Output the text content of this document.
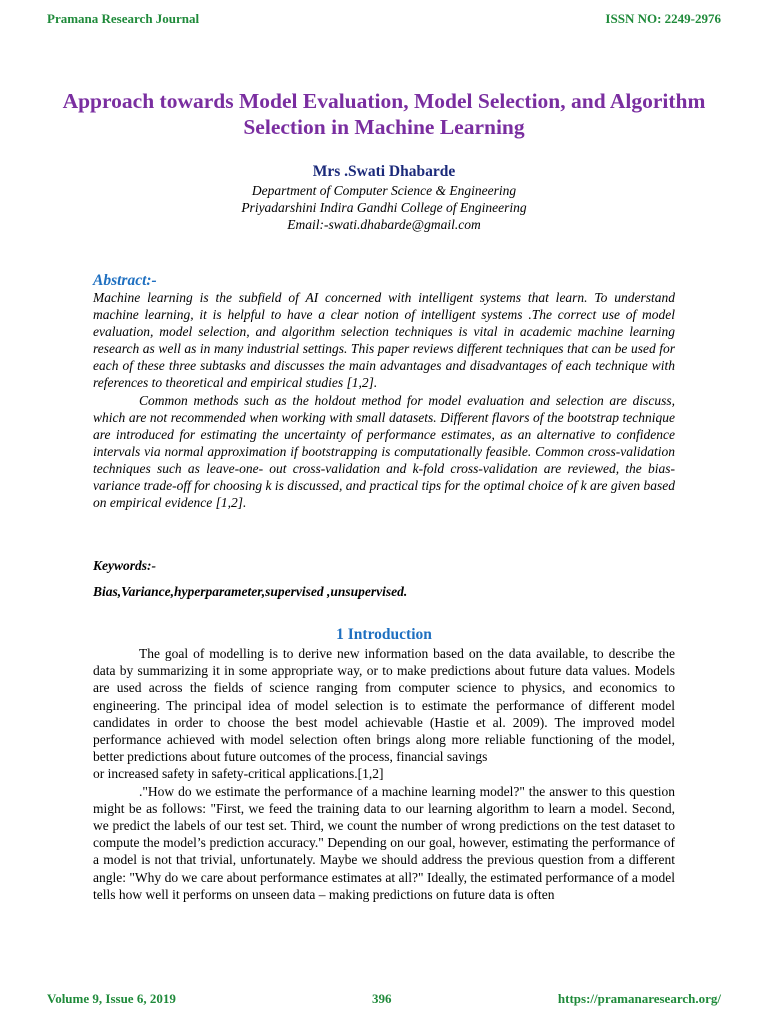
Pramana Research Journal	ISSN NO: 2249-2976
Approach towards Model Evaluation, Model Selection, and Algorithm Selection in Machine Learning
Mrs .Swati Dhabarde
Department of Computer Science & Engineering
Priyadarshini Indira Gandhi College of Engineering
Email:-swati.dhabarde@gmail.com
Abstract:-

Machine learning is the subfield of AI concerned with intelligent systems that learn. To understand machine learning, it is helpful to have a clear notion of intelligent systems .The correct use of model evaluation, model selection, and algorithm selection techniques is vital in academic machine learning research as well as in many industrial settings. This paper reviews different techniques that can be used for each of these three subtasks and discusses the main advantages and disadvantages of each technique with references to theoretical and empirical studies [1,2].

Common methods such as the holdout method for model evaluation and selection are discuss, which are not recommended when working with small datasets. Different flavors of the bootstrap technique are introduced for estimating the uncertainty of performance estimates, as an alternative to confidence intervals via normal approximation if bootstrapping is computationally feasible. Common cross-validation techniques such as leave-one- out cross-validation and k-fold cross-validation are reviewed, the bias-variance trade-off for choosing k is discussed, and practical tips for the optimal choice of k are given based on empirical evidence [1,2].

Keywords:-
Bias,Variance,hyperparameter,supervised ,unsupervised.
1 Introduction

The goal of modelling is to derive new information based on the data available, to describe the data by summarizing it in some appropriate way, or to make predictions about future data values. Models are used across the fields of science ranging from computer science to physics, and economics to engineering. The principal idea of model selection is to estimate the performance of different model candidates in order to choose the best model achievable (Hastie et al. 2009). The improved model performance achieved with model selection often brings along more reliable functioning of the model, better predictions about future outcomes of the process, financial savings

or increased safety in safety-critical applications.[1,2]

."How do we estimate the performance of a machine learning model?" the answer to this question might be as follows: "First, we feed the training data to our learning algorithm to learn a model. Second, we predict the labels of our test set. Third, we count the number of wrong predictions on the test dataset to compute the model’s prediction accuracy." Depending on our goal, however, estimating the performance of a model is not that trivial, unfortunately. Maybe we should address the previous question from a different angle: "Why do we care about performance estimates at all?" Ideally, the estimated performance of a model tells how well it performs on unseen data – making predictions on future data is often

Volume 9, Issue 6, 2019	396	https://pramanaresearch.org/
